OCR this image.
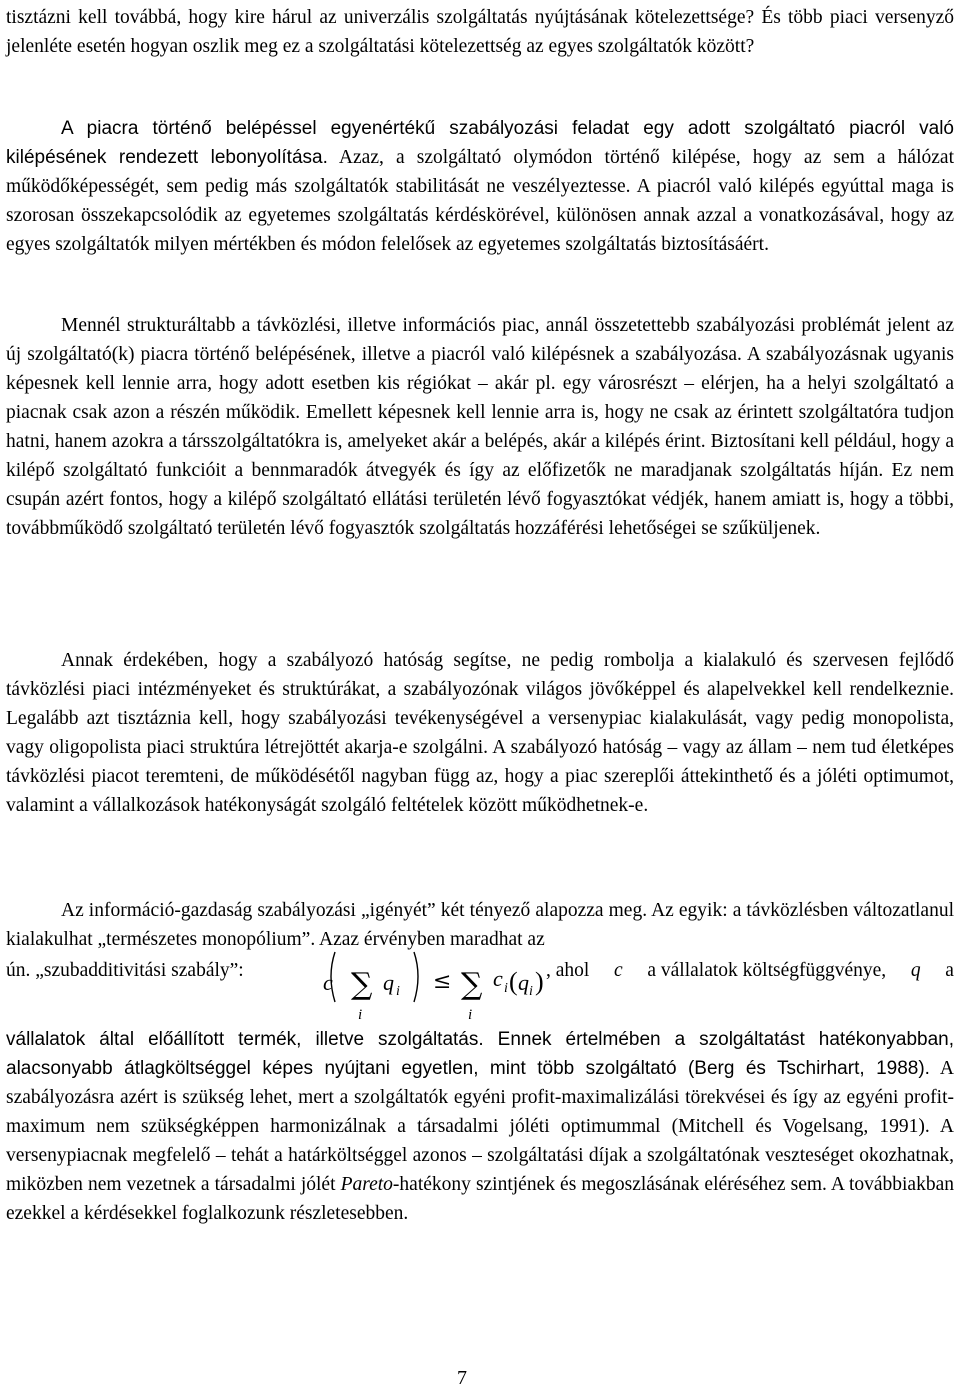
tisztázni kell továbbá, hogy kire hárul az univerzális szolgáltatás nyújtásának kötelezettsége? És több piaci versenyző jelenléte esetén hogyan oszlik meg ez a szolgáltatási kötelezettség az egyes szolgáltatók között?

A piacra történő belépéssel egyenértékű szabályozási feladat egy adott szolgáltató piacról való kilépésének rendezett lebonyolítása. Azaz, a szolgáltató olymódon történő kilépése, hogy az sem a hálózat működőképességét, sem pedig más szolgáltatók stabilitását ne veszélyeztesse. A piacról való kilépés egyúttal maga is szorosan összekapcsolódik az egyetemes szolgáltatás kérdéskörével, különösen annak azzal a vonatkozásával, hogy az egyes szolgáltatók milyen mértékben és módon felelősek az egyetemes szolgáltatás biztosításáért.

Mennél strukturáltabb a távközlési, illetve információs piac, annál összetettebb szabályozási problémát jelent az új szolgáltató(k) piacra történő belépésének, illetve a piacról való kilépésnek a szabályozása. A szabályozásnak ugyanis képesnek kell lennie arra, hogy adott esetben kis régiókat – akár pl. egy városrészt – elérjen, ha a helyi szolgáltató a piacnak csak azon a részén működik. Emellett képesnek kell lennie arra is, hogy ne csak az érintett szolgáltatóra tudjon hatni, hanem azokra a társszolgáltatókra is, amelyeket akár a belépés, akár a kilépés érint. Biztosítani kell például, hogy a kilépő szolgáltató funkcióit a bennmaradók átvegyék és így az előfizetők ne maradjanak szolgáltatás híján. Ez nem csupán azért fontos, hogy a kilépő szolgáltató ellátási területén lévő fogyasztókat védjék, hanem amiatt is, hogy a többi, továbbműködő szolgáltató területén lévő fogyasztók szolgáltatás hozzáférési lehetőségei se szűküljenek.

Annak érdekében, hogy a szabályozó hatóság segítse, ne pedig rombolja a kialakuló és szervesen fejlődő távközlési piaci intézményeket és struktúrákat, a szabályozónak világos jövőképpel és alapelvekkel kell rendelkeznie. Legalább azt tisztáznia kell, hogy szabályozási tevékenységével a versenypiac kialakulását, vagy pedig monopolista, vagy oligopolista piaci struktúra létrejöttét akarja-e szolgálni. A szabályozó hatóság – vagy az állam – nem tud életképes távközlési piacot teremteni, de működésétől nagyban függ az, hogy a piac szereplői áttekinthető és a jóléti optimumot, valamint a vállalkozások hatékonyságát szolgáló feltételek között működhetnek-e.

Az információ-gazdaság szabályozási „igényét” két tényező alapozza meg. Az egyik: a távközlésben változatlanul kialakulhat „természetes monopólium”. Azaz érvényben maradhat az

ún. „szubadditivitási szabály”:	c ∑
i
q i ≤ ∑
i
c i ( q i ) , ahol c a vállalatok költségfüggvénye, q a

vállalatok által előállított termék, illetve szolgáltatás. Ennek értelmében a szolgáltatást hatékonyabban, alacsonyabb átlagköltséggel képes nyújtani egyetlen, mint több szolgáltató (Berg és Tschirhart, 1988). A szabályozásra azért is szükség lehet, mert a szolgáltatók egyéni profit-maximalizálási törekvései és így az egyéni profit-maximum nem szükségképpen harmonizálnak a társadalmi jóléti optimummal (Mitchell és Vogelsang, 1991). A versenypiacnak megfelelő – tehát a határköltséggel azonos – szolgáltatási díjak a szolgáltatónak veszteséget okozhatnak, miközben nem vezetnek a társadalmi jólét Pareto-hatékony szintjének és megoszlásának eléréséhez sem. A továbbiakban ezekkel a kérdésekkel foglalkozunk részletesebben.

7
